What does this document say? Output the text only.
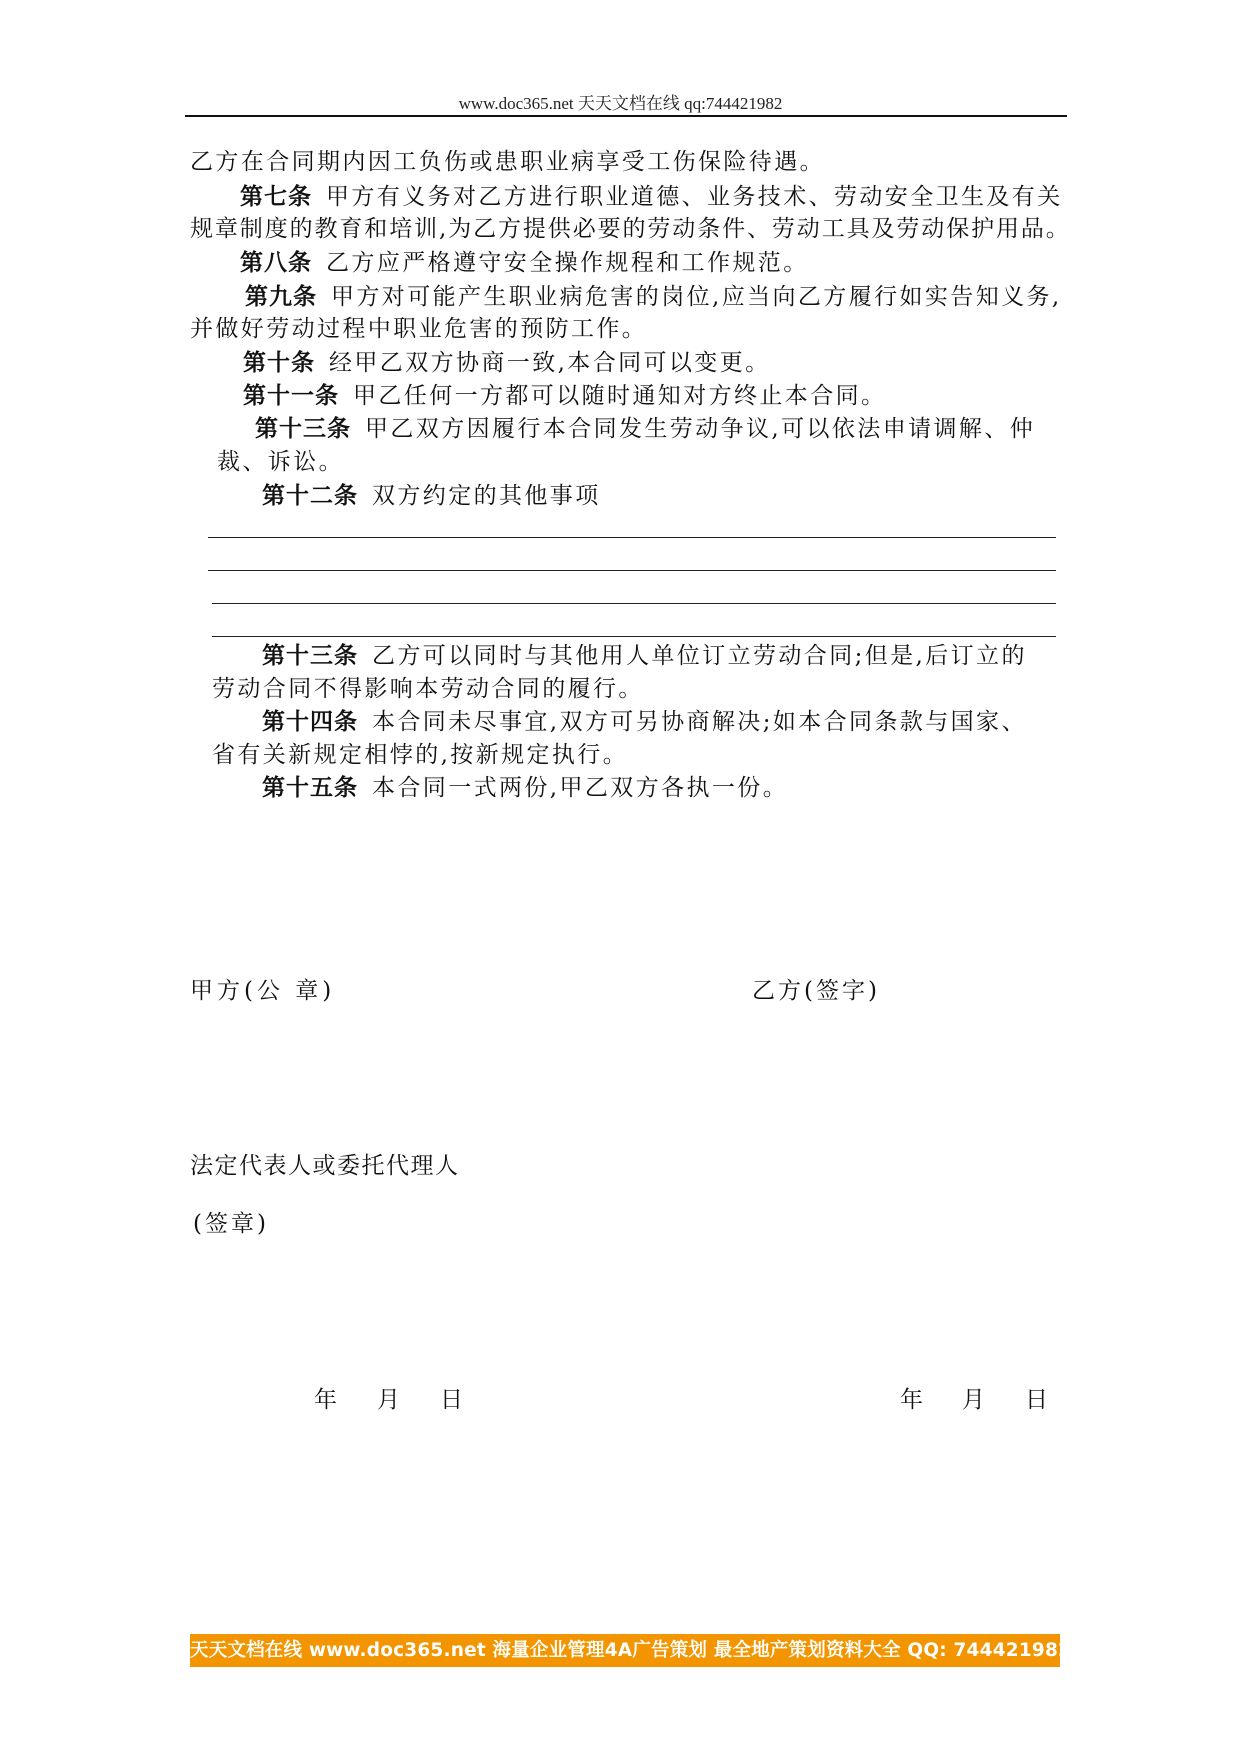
www.doc365.net 天天文档在线 qq:744421982
乙方在合同期内因工负伤或患职业病享受工伤保险待遇。
第七条 甲方有义务对乙方进行职业道德、业务技术、劳动安全卫生及有关
规章制度的教育和培训,为乙方提供必要的劳动条件、劳动工具及劳动保护用品。
第八条 乙方应严格遵守安全操作规程和工作规范。
第九条 甲方对可能产生职业病危害的岗位,应当向乙方履行如实告知义务,
并做好劳动过程中职业危害的预防工作。
第十条 经甲乙双方协商一致,本合同可以变更。
第十一条 甲乙任何一方都可以随时通知对方终止本合同。
第十三条 甲乙双方因履行本合同发生劳动争议,可以依法申请调解、仲
裁、诉讼。
第十二条 双方约定的其他事项
第十三条 乙方可以同时与其他用人单位订立劳动合同;但是,后订立的
劳动合同不得影响本劳动合同的履行。
第十四条 本合同未尽事宜,双方可另协商解决;如本合同条款与国家、
省有关新规定相悖的,按新规定执行。
第十五条 本合同一式两份,甲乙双方各执一份。
甲方(公 章)	乙方(签字)
法定代表人或委托代理人
(签章)
年 月 日	年 月 日
天天文档在线 www.doc365.net 海量企业管理4A广告策划 最全地产策划资料大全 QQ: 744421982
